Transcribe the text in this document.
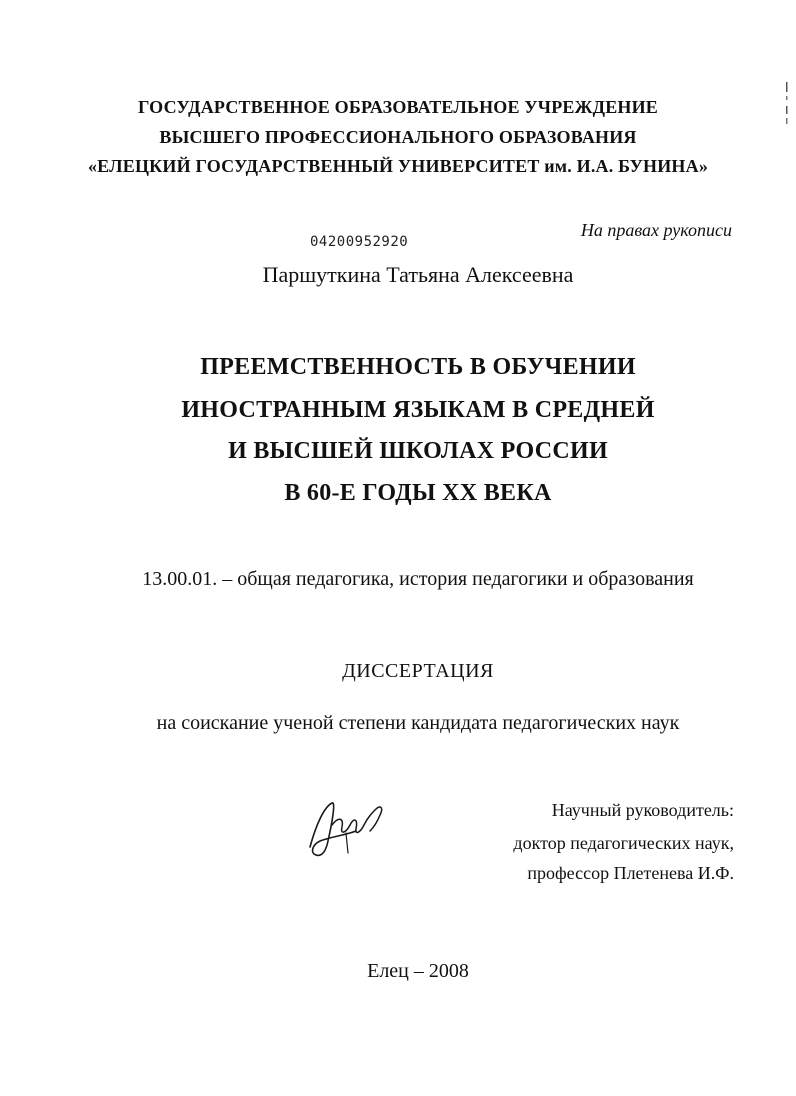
ГОСУДАРСТВЕННОЕ ОБРАЗОВАТЕЛЬНОЕ УЧРЕЖДЕНИЕ
ВЫСШЕГО ПРОФЕССИОНАЛЬНОГО ОБРАЗОВАНИЯ
«ЕЛЕЦКИЙ ГОСУДАРСТВЕННЫЙ УНИВЕРСИТЕТ им. И.А. БУНИНА»
На правах рукописи
04200952920
Паршуткина Татьяна Алексеевна
ПРЕЕМСТВЕННОСТЬ В ОБУЧЕНИИ
ИНОСТРАННЫМ ЯЗЫКАМ В СРЕДНЕЙ
И ВЫСШЕЙ ШКОЛАХ РОССИИ
В 60-Е ГОДЫ XX ВЕКА
13.00.01. – общая педагогика, история педагогики и образования
ДИССЕРТАЦИЯ
на соискание ученой степени кандидата педагогических наук
Научный руководитель:
доктор педагогических наук,
профессор Плетенева И.Ф.
Елец – 2008
